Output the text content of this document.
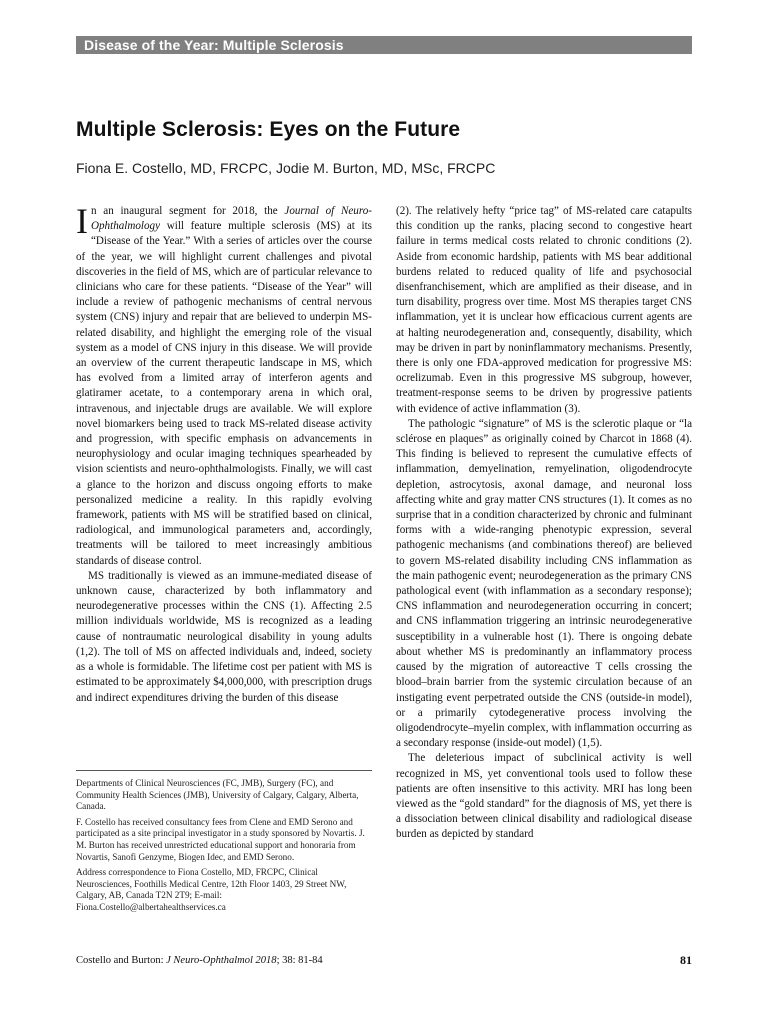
Disease of the Year: Multiple Sclerosis
Multiple Sclerosis: Eyes on the Future

Fiona E. Costello, MD, FRCPC, Jodie M. Burton, MD, MSc, FRCPC

In an inaugural segment for 2018, the Journal of Neuro-Ophthalmology will feature multiple sclerosis (MS) at its “Disease of the Year.” With a series of articles over the course of the year, we will highlight current challenges and pivotal discoveries in the field of MS, which are of particular relevance to clinicians who care for these patients. “Disease of the Year” will include a review of pathogenic mechanisms of central nervous system (CNS) injury and repair that are believed to underpin MS-related disability, and highlight the emerging role of the visual system as a model of CNS injury in this disease. We will provide an overview of the current therapeutic landscape in MS, which has evolved from a limited array of interferon agents and glatiramer acetate, to a contemporary arena in which oral, intravenous, and injectable drugs are available. We will explore novel biomarkers being used to track MS-related disease activity and progression, with specific emphasis on advancements in neurophysiology and ocular imaging techniques spearheaded by vision scientists and neuro-ophthalmologists. Finally, we will cast a glance to the horizon and discuss ongoing efforts to make personalized medicine a reality. In this rapidly evolving framework, patients with MS will be stratified based on clinical, radiological, and immunological parameters and, accordingly, treatments will be tailored to meet increasingly ambitious standards of disease control.

MS traditionally is viewed as an immune-mediated disease of unknown cause, characterized by both inflammatory and neurodegenerative processes within the CNS (1). Affecting 2.5 million individuals worldwide, MS is recognized as a leading cause of nontraumatic neurological disability in young adults (1,2). The toll of MS on affected individuals and, indeed, society as a whole is formidable. The lifetime cost per patient with MS is estimated to be approximately $4,000,000, with prescription drugs and indirect expenditures driving the burden of this disease

(2). The relatively hefty “price tag” of MS-related care catapults this condition up the ranks, placing second to congestive heart failure in terms medical costs related to chronic conditions (2). Aside from economic hardship, patients with MS bear additional burdens related to reduced quality of life and psychosocial disenfranchisement, which are amplified as their disease, and in turn disability, progress over time. Most MS therapies target CNS inflammation, yet it is unclear how efficacious current agents are at halting neurodegeneration and, consequently, disability, which may be driven in part by noninflammatory mechanisms. Presently, there is only one FDA-approved medication for progressive MS: ocrelizumab. Even in this progressive MS subgroup, however, treatment-response seems to be driven by progressive patients with evidence of active inflammation (3).

The pathologic “signature” of MS is the sclerotic plaque or “la sclérose en plaques” as originally coined by Charcot in 1868 (4). This finding is believed to represent the cumulative effects of inflammation, demyelination, remyelination, oligodendrocyte depletion, astrocytosis, axonal damage, and neuronal loss affecting white and gray matter CNS structures (1). It comes as no surprise that in a condition characterized by chronic and fulminant forms with a wide-ranging phenotypic expression, several pathogenic mechanisms (and combinations thereof) are believed to govern MS-related disability including CNS inflammation as the main pathogenic event; neurodegeneration as the primary CNS pathological event (with inflammation as a secondary response); CNS inflammation and neurodegeneration occurring in concert; and CNS inflammation triggering an intrinsic neurodegenerative susceptibility in a vulnerable host (1). There is ongoing debate about whether MS is predominantly an inflammatory process caused by the migration of autoreactive T cells crossing the blood–brain barrier from the systemic circulation because of an instigating event perpetrated outside the CNS (outside-in model), or a primarily cytodegenerative process involving the oligodendrocyte–myelin complex, with inflammation occurring as a secondary response (inside-out model) (1,5).

The deleterious impact of subclinical activity is well recognized in MS, yet conventional tools used to follow these patients are often insensitive to this activity. MRI has long been viewed as the “gold standard” for the diagnosis of MS, yet there is a dissociation between clinical disability and radiological disease burden as depicted by standard

Departments of Clinical Neurosciences (FC, JMB), Surgery (FC), and Community Health Sciences (JMB), University of Calgary, Calgary, Alberta, Canada.

F. Costello has received consultancy fees from Clene and EMD Serono and participated as a site principal investigator in a study sponsored by Novartis. J. M. Burton has received unrestricted educational support and honoraria from Novartis, Sanofi Genzyme, Biogen Idec, and EMD Serono.

Address correspondence to Fiona Costello, MD, FRCPC, Clinical Neurosciences, Foothills Medical Centre, 12th Floor 1403, 29 Street NW, Calgary, AB, Canada T2N 2T9; E-mail: Fiona.Costello@albertahealthservices.ca

Costello and Burton: J Neuro-Ophthalmol 2018; 38: 81-84	81
